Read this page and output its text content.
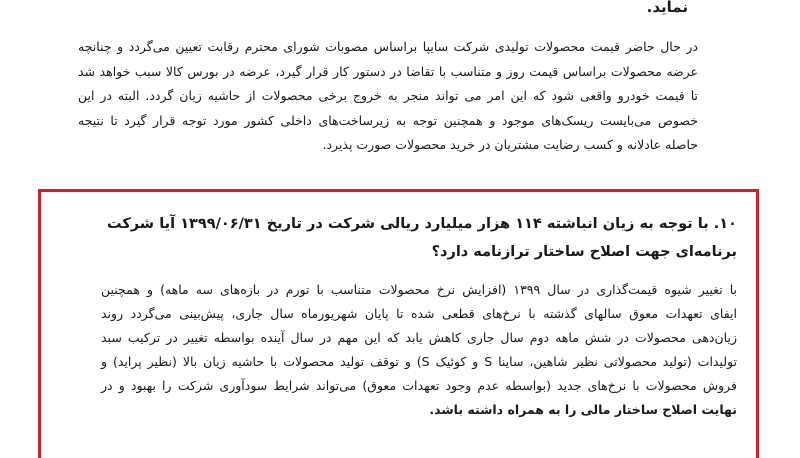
نماید.
در حال حاضر قیمت محصولات تولیدی شرکت سایپا براساس مصوبات شورای محترم رقابت تعیین می‌گردد و چنانچه
عرضه محصولات براساس قیمت روز و متناسب با تقاضا در دستور کار قرار گیرد، عرضه در بورس کالا سبب خواهد شد
تا قیمت خودرو واقعی شود که این امر می تواند منجر به خروج برخی محصولات از حاشیه زیان گردد. البته در این
خصوص می‌بایست ریسک‌های موجود و همچنین توجه به زیرساخت‌های داخلی کشور مورد توجه قرار گیرد تا نتیجه
حاصله عادلانه و کسب رضایت مشتریان در خرید محصولات صورت پذیرد.
۱۰. با توجه به زیان انباشته ۱۱۴ هزار میلیارد ریالی شرکت در تاریخ ۱۳۹۹/۰۶/۳۱ آیا شرکت
برنامه‌ای جهت اصلاح ساختار ترازنامه دارد؟
با تغییر شیوه قیمت‌گذاری در سال ۱۳۹۹ (افزایش نرخ محصولات متناسب با تورم در بازه‌های سه ماهه) و همچنین
ایفای تعهدات معوق سالهای گذشته با نرخ‌های قطعی شده تا پایان شهریورماه سال جاری، پیش‌بینی می‌گردد روند
زیان‌دهی محصولات در شش ماهه دوم سال جاری کاهش یابد که این مهم در سال آینده بواسطه تغییر در ترکیب سبد
تولیدات (تولید محصولاتی نظیر شاهین، ساینا S و کوئیک S) و توقف تولید محصولات با حاشیه زیان بالا (نظیر پراید) و
فروش محصولات با نرخ‌های جدید (بواسطه عدم وجود تعهدات معوق) می‌تواند شرایط سودآوری شرکت را بهبود و در
نهایت اصلاح ساختار مالی را به همراه داشته باشد.
